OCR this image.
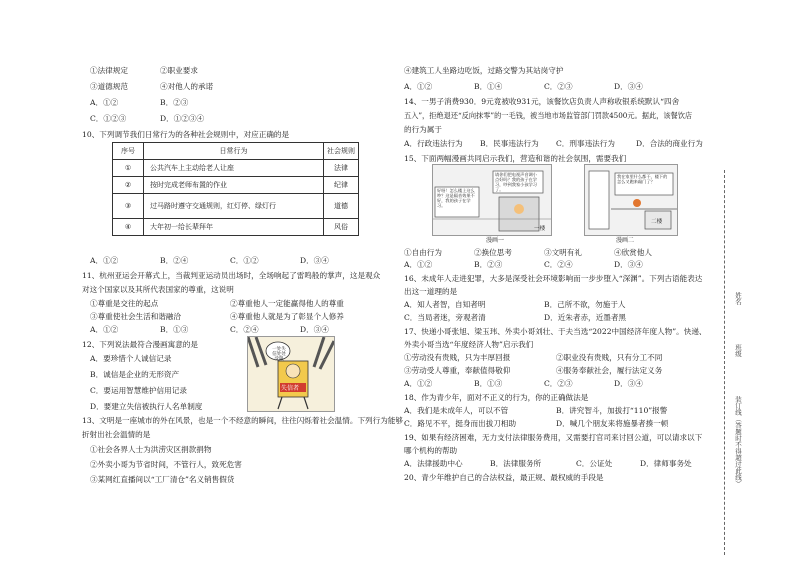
①法律规定	②职业要求
③道德规范	④对他人的承诺
A．①②	B．②③
C．①②③	D．①②③④
10、下列调节我们日常行为的各种社会规则中，对应正确的是
序号	日常行为	社会规则
①	公共汽车上主动给老人让座	法律
②	按时完成老师布置的作业	纪律
③	过马路时遵守交通规则，红灯停、绿灯行	道德
④	大年初一给长辈拜年	风俗
A．①②	B．②④	C．①②	D．③④
11、杭州亚运会开幕式上，当裁判亚运动员出场时，全场响起了雷鸣般的掌声，这是观众
对这个国家以及其所代表国家的尊重，这说明
①尊重是交往的起点	②尊重他人一定能赢得他人的尊重
③尊重使社会生活和谐融洽	④尊重他人就是为了彰显个人修养
A．①②	B．①③	C．②④	D．③④
12、下列说法最符合漫画寓意的是
A．要珍惜个人诚信记录
B．诚信是企业的无形资产
C．要运用智慧维护信用记录
D．要建立失信被执行人名单制度
一处失信处处受限
失信者
13、文明是一座城市的外在风景，也是一个不经意的瞬间，往往闪烁着社会温情。下列行为能够
折射出社会温情的是
①社会各界人士为洪涝灾区捐款捐物
②外卖小哥为节省时间，不管行人，致死危害
③某网红直播间以“工厂清仓”名义销售假货
④建筑工人坐路边吃饭，过路交警为其站岗守护
A．①②	B．①④	C．②③	D．③④
14、一男子消费930．9元竟被收931元，该餐饮店负责人声称收银系统默认“四舍
五入”，拒绝退还“反向抹零”的一毛钱，被当地市场监管部门罚款4500元。据此，该餐饮店
的行为属于
A．行政违法行为 B．民事违法行为 C．刑事违法行为	D．合法的商业行为
15、下面两幅漫画共同启示我们，营造和谐的社会氛围，需要我们
请你们把电视声音调小点好吗？我的孩子在学习，吵到我家小孩学习了。
好呀！怎么楼上这么吵？这是隔音效果不好，我的孩子在学习。
我在家里什么都干，楼下的怎么又跑来敲门了？
二楼
一楼
漫画一	漫画二
①自由行为	②换位思考	③文明有礼	④欣赏他人
A．①②	B．②③	C．②④	D．③④
16、未成年人走进犯罪，大多是深受社会环境影响而一步步堕入“深渊”。下列古语能表达
出这一道理的是
A．知人者智，自知者明	B．己所不欲，勿施于人
C．当局者迷，旁观者清	D．近朱者赤，近墨者黑
17、快递小哥张旭、梁玉玮、外卖小哥刘壮、于夫当选“2022中国经济年度人物”。快递、
外卖小哥当选“年度经济人物”启示我们
①劳动没有贵贱，只为丰厚回报	②职业没有贵贱，只有分工不同
③劳动受人尊重，奉献值得敬仰	④服务奉献社会，履行法定义务
A．①②	B．①③	C．②③	D．③④
18、作为青少年，面对不正义的行为，你的正确做法是
A．我们是未成年人，可以不管	B．讲究智斗，加拔打“110”报警
C．路见不平，挺身而出拔刀相助	D．喊几个朋友来将施暴者揍一顿
19、如果有经济困难，无力支付法律服务费用，又需要打官司来讨回公道，可以请求以下
哪个机构的帮助
A．法律援助中心	B．法律服务所	C．公证处	D．律师事务处
20、青少年维护自己的合法权益，最正规、最权威的手段是
姓名
班级
装订线（答题时不得超过此线）
